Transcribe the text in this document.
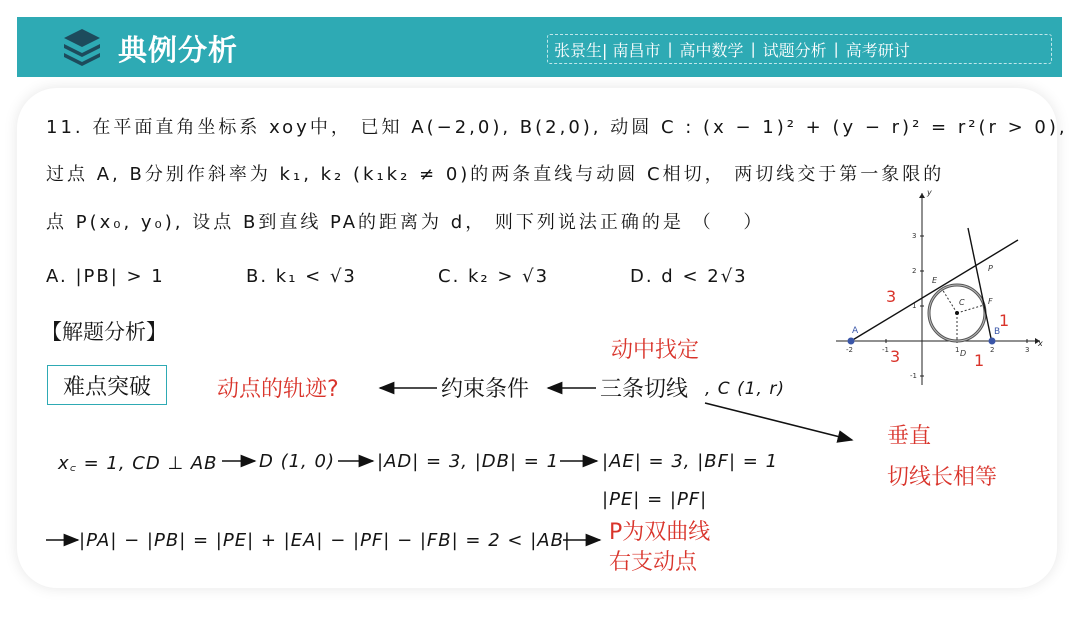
典例分析	张景生| 南昌市 | 高中数学 | 试题分析 | 高考研讨
11. 在平面直角坐标系 xoy中， 已知 A(−2,0), B(2,0), 动圆 C : (x − 1)² + (y − r)² = r²(r > 0),
过点 A, B分别作斜率为 k₁, k₂ (k₁k₂ ≠ 0)的两条直线与动圆 C相切， 两切线交于第一象限的
点 P(x₀, y₀), 设点 B到直线 PA的距离为 d， 则下列说法正确的是 （　 ）
A. |PB| > 1	B. k₁ < √3	C. k₂ > √3	D. d < 2√3
【解题分析】
难点突破
动中找定
动点的轨迹?	约束条件	三条切线 , C (1, r)
垂直
切线长相等
x꜀ = 1, CD ⊥ AB D (1, 0) |AD| = 3, |DB| = 1 |AE| = 3, |BF| = 1
|PE| = |PF|
|PA| − |PB| = |PE| + |EA| − |PF| − |FB| = 2 < |AB| P为双曲线
右支动点
x
y
-2	-1	1	2	3
3
2
1
-1
A	B
C
D
E
F
P
3
3
1
1
